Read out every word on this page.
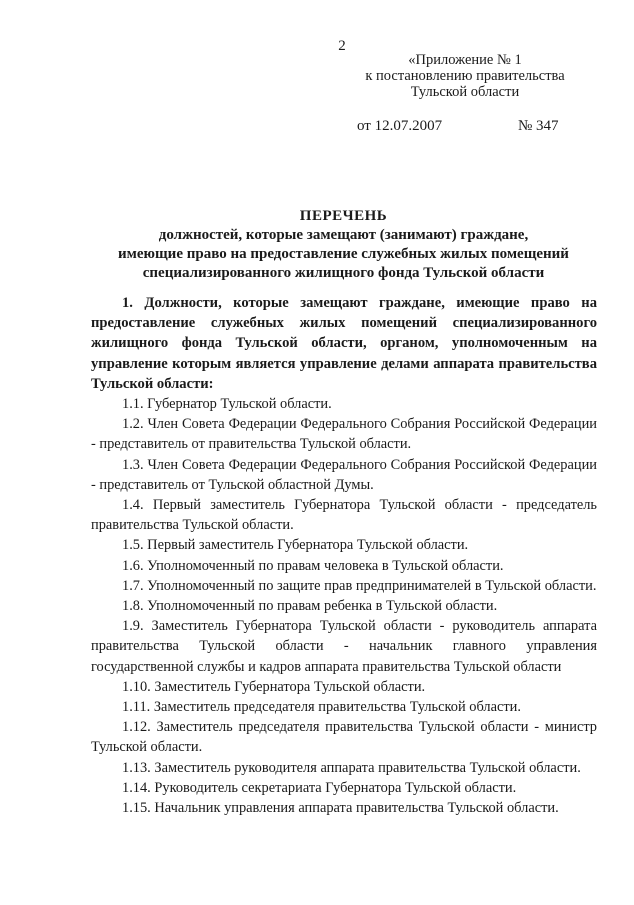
2
«Приложение № 1
к постановлению правительства
Тульской области
от 12.07.2007	№ 347
ПЕРЕЧЕНЬ
должностей, которые замещают (занимают) граждане,
имеющие право на предоставление служебных жилых помещений
специализированного жилищного фонда Тульской области

1. Должности, которые замещают граждане, имеющие право на предоставление служебных жилых помещений специализированного жилищного фонда Тульской области, органом, уполномоченным на управление которым является управление делами аппарата правительства Тульской области:

1.1. Губернатор Тульской области.

1.2. Член Совета Федерации Федерального Собрания Российской Федерации - представитель от правительства Тульской области.

1.3. Член Совета Федерации Федерального Собрания Российской Федерации - представитель от Тульской областной Думы.

1.4. Первый заместитель Губернатора Тульской области - председатель правительства Тульской области.

1.5. Первый заместитель Губернатора Тульской области.

1.6. Уполномоченный по правам человека в Тульской области.

1.7. Уполномоченный по защите прав предпринимателей в Тульской области.

1.8. Уполномоченный по правам ребенка в Тульской области.

1.9. Заместитель Губернатора Тульской области - руководитель аппарата правительства Тульской области - начальник главного управления государственной службы и кадров аппарата правительства Тульской области

1.10. Заместитель Губернатора Тульской области.

1.11. Заместитель председателя правительства Тульской области.

1.12. Заместитель председателя правительства Тульской области - министр Тульской области.

1.13. Заместитель руководителя аппарата правительства Тульской области.

1.14. Руководитель секретариата Губернатора Тульской области.

1.15. Начальник управления аппарата правительства Тульской области.
